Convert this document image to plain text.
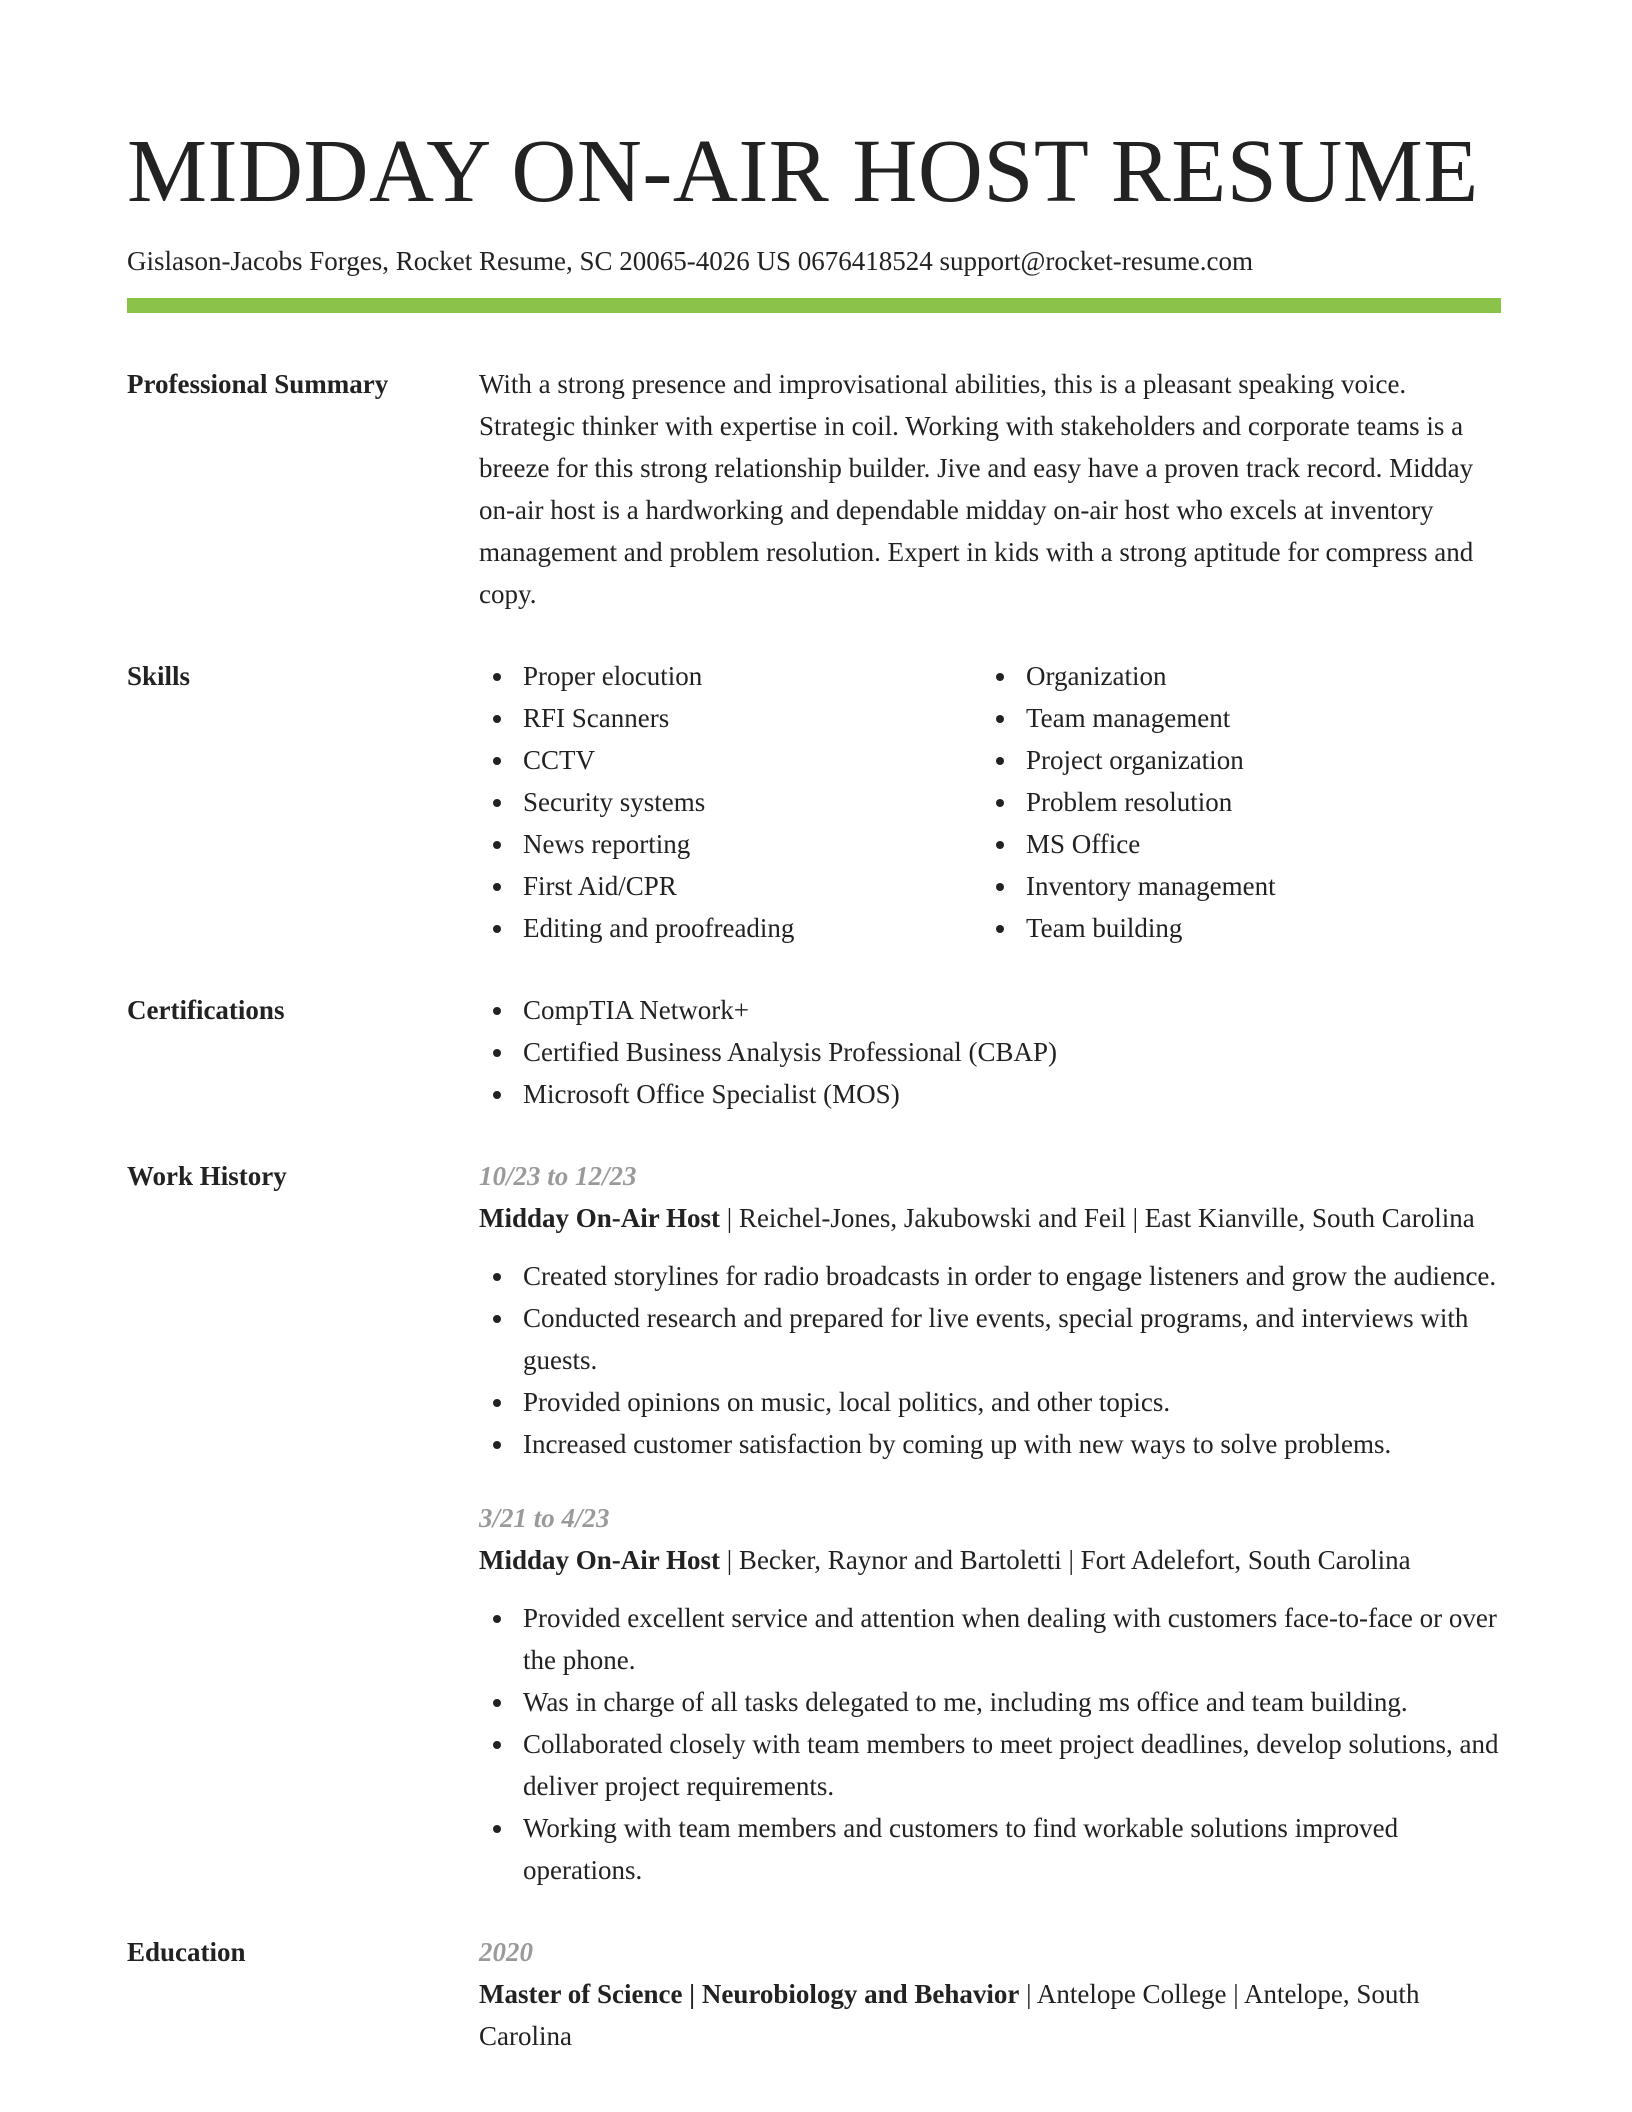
MIDDAY ON-AIR HOST RESUME
Gislason-Jacobs Forges, Rocket Resume, SC 20065-4026 US 0676418524 support@rocket-resume.com
Professional Summary	With a strong presence and improvisational abilities, this is a pleasant speaking voice. Strategic thinker with expertise in coil. Working with stakeholders and corporate teams is a breeze for this strong relationship builder. Jive and easy have a proven track record. Midday on-air host is a hardworking and dependable midday on-air host who excels at inventory management and problem resolution. Expert in kids with a strong aptitude for compress and copy.
Skills	Proper elocution
RFI Scanners
CCTV
Security systems
News reporting
First Aid/CPR
Editing and proofreading
Organization
Team management
Project organization
Problem resolution
MS Office
Inventory management
Team building
Certifications	CompTIA Network+
Certified Business Analysis Professional (CBAP)
Microsoft Office Specialist (MOS)
Work History	10/23 to 12/23
Midday On-Air Host | Reichel-Jones, Jakubowski and Feil | East Kianville, South Carolina
Created storylines for radio broadcasts in order to engage listeners and grow the audience.
Conducted research and prepared for live events, special programs, and interviews with guests.
Provided opinions on music, local politics, and other topics.
Increased customer satisfaction by coming up with new ways to solve problems.
3/21 to 4/23
Midday On-Air Host | Becker, Raynor and Bartoletti | Fort Adelefort, South Carolina
Provided excellent service and attention when dealing with customers face-to-face or over the phone.
Was in charge of all tasks delegated to me, including ms office and team building.
Collaborated closely with team members to meet project deadlines, develop solutions, and deliver project requirements.
Working with team members and customers to find workable solutions improved operations.
Education	2020
Master of Science | Neurobiology and Behavior | Antelope College | Antelope, South Carolina
